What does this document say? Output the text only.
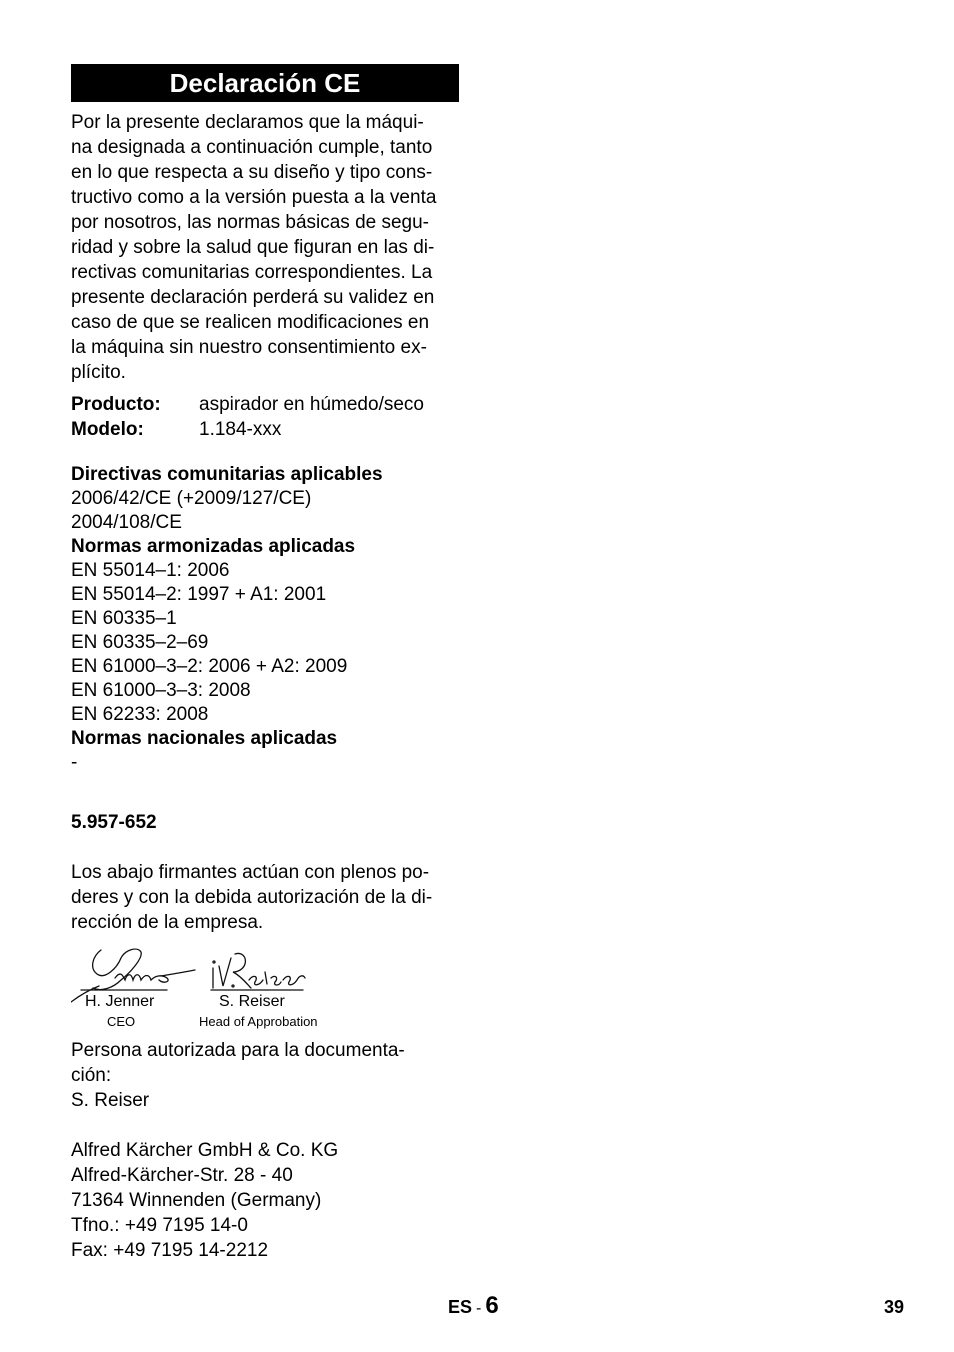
Declaración CE

Por la presente declaramos que la máqui-
na designada a continuación cumple, tanto
en lo que respecta a su diseño y tipo cons-
tructivo como a la versión puesta a la venta
por nosotros, las normas básicas de segu-
ridad y sobre la salud que figuran en las di-
rectivas comunitarias correspondientes. La
presente declaración perderá su validez en
caso de que se realicen modificaciones en
la máquina sin nuestro consentimiento ex-
plícito.

Producto:	aspirador en húmedo/seco
Modelo:	1.184-xxx
Directivas comunitarias aplicables
2006/42/CE (+2009/127/CE)
2004/108/CE
Normas armonizadas aplicadas
EN 55014–1: 2006
EN 55014–2: 1997 + A1: 2001
EN 60335–1
EN 60335–2–69
EN 61000–3–2: 2006 + A2: 2009
EN 61000–3–3: 2008
EN 62233: 2008
Normas nacionales aplicadas
-
5.957-652
Los abajo firmantes actúan con plenos po-
deres y con la debida autorización de la di-
rección de la empresa.
H. Jenner
CEO
S. Reiser
Head of Approbation
Persona autorizada para la documenta-
ción:
S. Reiser
Alfred Kärcher GmbH & Co. KG
Alfred-Kärcher-Str. 28 - 40
71364 Winnenden (Germany)
Tfno.: +49 7195 14-0
Fax: +49 7195 14-2212
ES - 6	39
